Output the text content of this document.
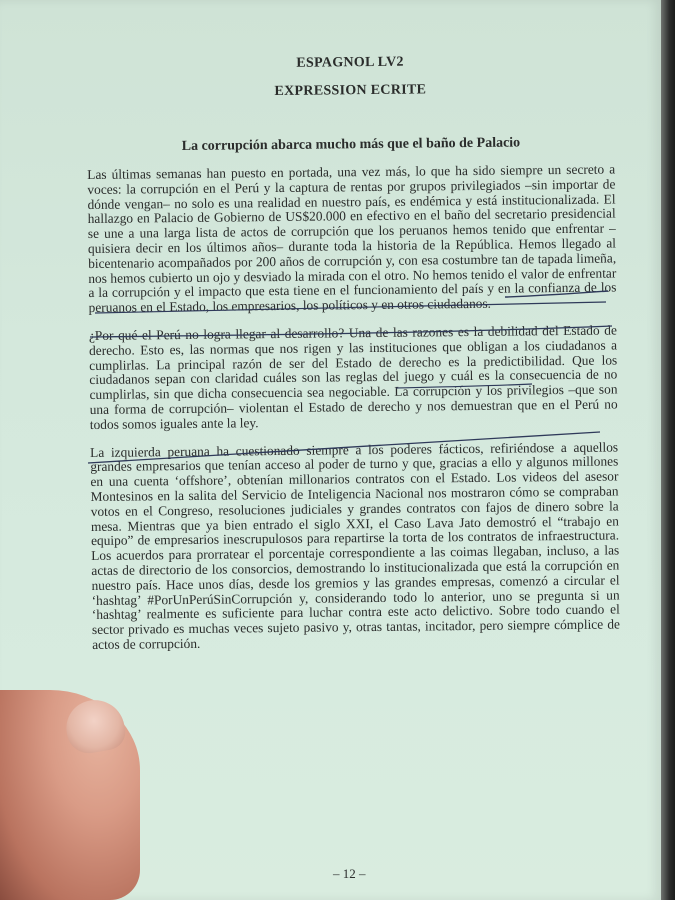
ESPAGNOL LV2
EXPRESSION ECRITE
La corrupción abarca mucho más que el baño de Palacio

Las últimas semanas han puesto en portada, una vez más, lo que ha sido siempre un secreto a voces: la corrupción en el Perú y la captura de rentas por grupos privilegiados –sin importar de dónde vengan– no solo es una realidad en nuestro país, es endémica y está institucionalizada. El hallazgo en Palacio de Gobierno de US$20.000 en efectivo en el baño del secretario presidencial se une a una larga lista de actos de corrupción que los peruanos hemos tenido que enfrentar –quisiera decir en los últimos años– durante toda la historia de la República. Hemos llegado al bicentenario acompañados por 200 años de corrupción y, con esa costumbre tan de tapada limeña, nos hemos cubierto un ojo y desviado la mirada con el otro. No hemos tenido el valor de enfrentar a la corrupción y el impacto que esta tiene en el funcionamiento del país y en la confianza de los peruanos en el Estado, los empresarios, los políticos y en otros ciudadanos.

¿Por qué el Perú no logra llegar al desarrollo? Una de las razones es la debilidad del Estado de derecho. Esto es, las normas que nos rigen y las instituciones que obligan a los ciudadanos a cumplirlas. La principal razón de ser del Estado de derecho es la predictibilidad. Que los ciudadanos sepan con claridad cuáles son las reglas del juego y cuál es la consecuencia de no cumplirlas, sin que dicha consecuencia sea negociable. La corrupción y los privilegios –que son una forma de corrupción– violentan el Estado de derecho y nos demuestran que en el Perú no todos somos iguales ante la ley.

La izquierda peruana ha cuestionado siempre a los poderes fácticos, refiriéndose a aquellos grandes empresarios que tenían acceso al poder de turno y que, gracias a ello y algunos millones en una cuenta ‘offshore’, obtenían millonarios contratos con el Estado. Los videos del asesor Montesinos en la salita del Servicio de Inteligencia Nacional nos mostraron cómo se compraban votos en el Congreso, resoluciones judiciales y grandes contratos con fajos de dinero sobre la mesa. Mientras que ya bien entrado el siglo XXI, el Caso Lava Jato demostró el “trabajo en equipo” de empresarios inescrupulosos para repartirse la torta de los contratos de infraestructura. Los acuerdos para prorratear el porcentaje correspondiente a las coimas llegaban, incluso, a las actas de directorio de los consorcios, demostrando lo institucionalizada que está la corrupción en nuestro país. Hace unos días, desde los gremios y las grandes empresas, comenzó a circular el ‘hashtag’ #PorUnPerúSinCorrupción y, considerando todo lo anterior, uno se pregunta si un ‘hashtag’ realmente es suficiente para luchar contra este acto delictivo. Sobre todo cuando el sector privado es muchas veces sujeto pasivo y, otras tantas, incitador, pero siempre cómplice de actos de corrupción.

– 12 –
